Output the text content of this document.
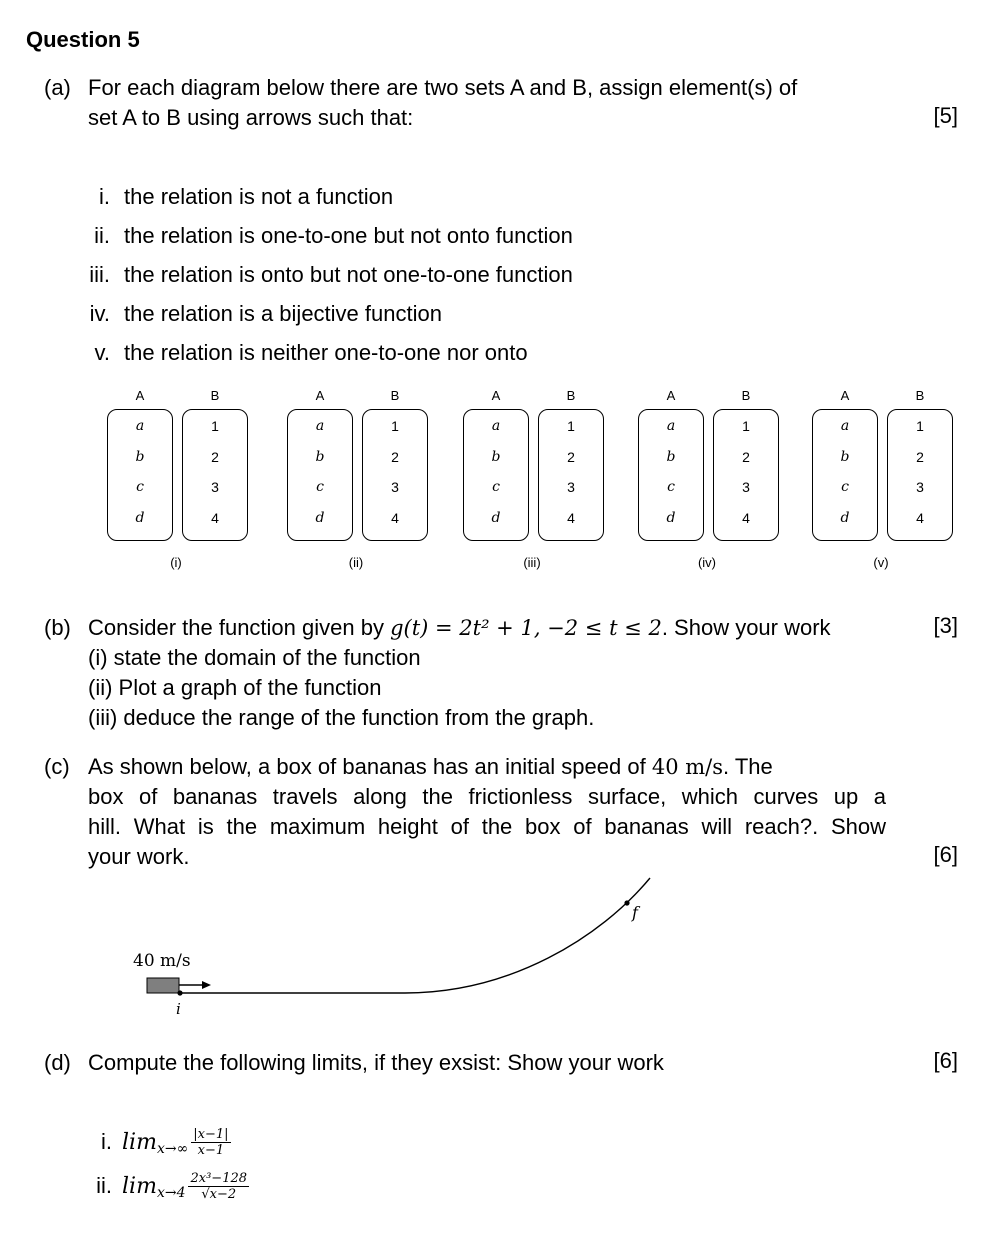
Question 5
(a) For each diagram below there are two sets A and B, assign element(s) of
set A to B using arrows such that:	[5]
i. the relation is not a function
ii. the relation is one-to-one but not onto function
iii. the relation is onto but not one-to-one function
iv. the relation is a bijective function
v. the relation is neither one-to-one nor onto
A	B
a
b
c
d
1
2
3
4
(i)
A	B
a
b
c
d
1
2
3
4
(ii)
A	B
a
b
c
d
1
2
3
4
(iii)
A	B
a
b
c
d
1
2
3
4
(iv)
A	B
a
b
c
d
1
2
3
4
(v)
(b) Consider the function given by g(t) = 2t² + 1, −2 ≤ t ≤ 2. Show your work	[3]
(i) state the domain of the function
(ii) Plot a graph of the function
(iii) deduce the range of the function from the graph.
(c) As shown below, a box of bananas has an initial speed of 40 m/s. The
box of bananas travels along the frictionless surface, which curves up a
hill. What is the maximum height of the box of bananas will reach?. Show
your work.	[6]
40 m/s
i
f
(d) Compute the following limits, if they exsist: Show your work	[6]
i. $\lim x\to\infty \frac{|x-1|}{x-1}$
ii. $\lim x\to 4 \frac{\text{2x³−128}}{√x-2}$
